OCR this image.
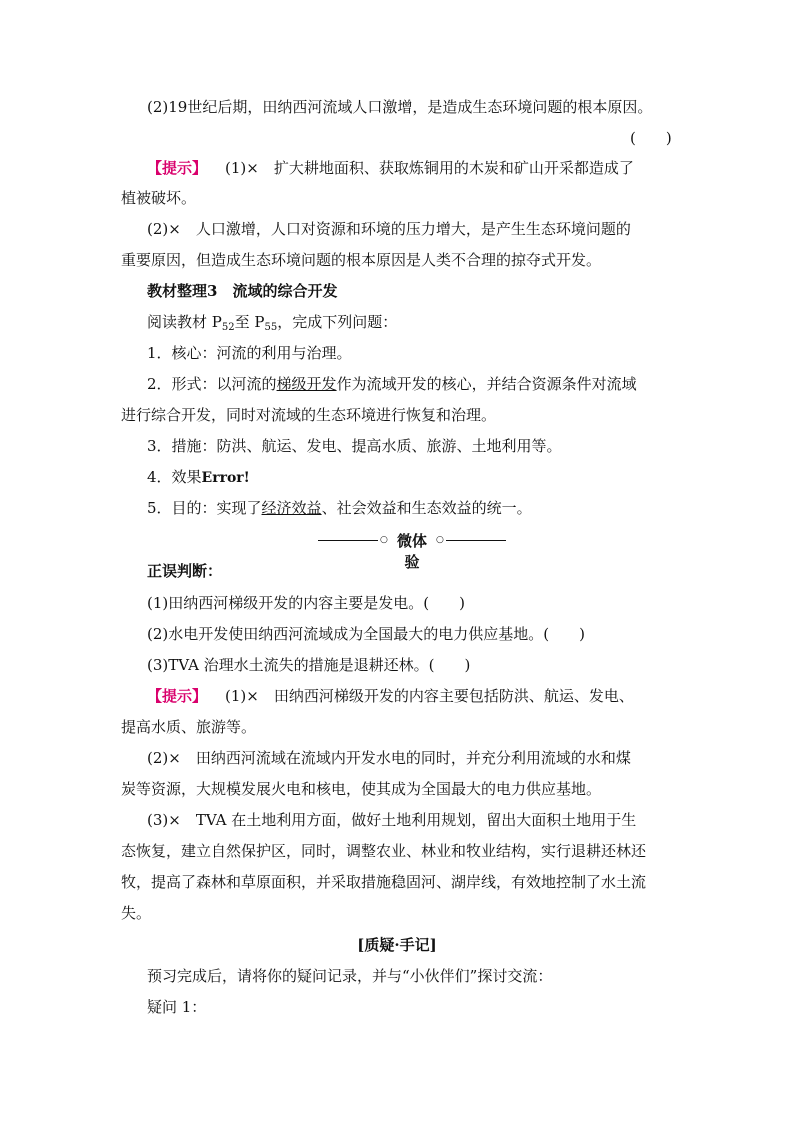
(2)19世纪后期，田纳西河流域人口激增，是造成生态环境问题的根本原因。
(　　)
【提示】 (1)×　扩大耕地面积、获取炼铜用的木炭和矿山开采都造成了
植被破坏。
(2)×　人口激增，人口对资源和环境的压力增大，是产生生态环境问题的
重要原因，但造成生态环境问题的根本原因是人类不合理的掠夺式开发。
教材整理3　流域的综合开发
阅读教材 $P_{52}$至 $P_{55}$，完成下列问题：
1．核心：河流的利用与治理。
2．形式：以河流的梯级开发作为流域开发的核心，并结合资源条件对流域
进行综合开发，同时对流域的生态环境进行恢复和治理。
3．措施：防洪、航运、发电、提高水质、旅游、土地利用等。
4．效果Error!
5．目的：实现了经济效益、社会效益和生态效益的统一。
○ 微体验
○
正误判断：
(1)田纳西河梯级开发的内容主要是发电。(　　)
(2)水电开发使田纳西河流域成为全国最大的电力供应基地。(　　)
(3)TVA 治理水土流失的措施是退耕还林。(　　)
【提示】 (1)×　田纳西河梯级开发的内容主要包括防洪、航运、发电、
提高水质、旅游等。
(2)×　田纳西河流域在流域内开发水电的同时，并充分利用流域的水和煤
炭等资源，大规模发展火电和核电，使其成为全国最大的电力供应基地。
(3)×　TVA 在土地利用方面，做好土地利用规划，留出大面积土地用于生
态恢复，建立自然保护区，同时，调整农业、林业和牧业结构，实行退耕还林还
牧，提高了森林和草原面积，并采取措施稳固河、湖岸线，有效地控制了水土流
失。
[质疑·手记]
预习完成后，请将你的疑问记录，并与“小伙伴们”探讨交流：
疑问 1：
